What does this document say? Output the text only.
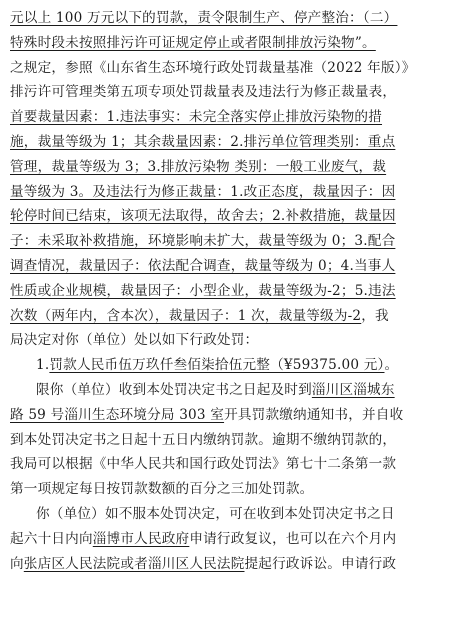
元以上 100 万元以下的罚款，责令限制生产、停产整治：（二）
特殊时段未按照排污许可证规定停止或者限制排放污染物”。
之规定，参照《山东省生态环境行政处罚裁量基准（2022 年版）》
排污许可管理类第五项专项处罚裁量表及违法行为修正裁量表，
首要裁量因素：1.违法事实：未完全落实停止排放污染物的措
施，裁量等级为 1；其余裁量因素：2.排污单位管理类别：重点
管理，裁量等级为 3；3.排放污染物 类别：一般工业废气，裁
量等级为 3。及违法行为修正裁量：1.改正态度，裁量因子：因
轮停时间已结束，该项无法取得，故舍去；2.补救措施，裁量因
子：未采取补救措施，环境影响未扩大，裁量等级为 0；3.配合
调查情况，裁量因子：依法配合调查，裁量等级为 0；4.当事人
性质或企业规模，裁量因子：小型企业，裁量等级为-2；5.违法
次数（两年内，含本次），裁量因子：1 次，裁量等级为-2，我
局决定对你（单位）处以如下行政处罚：
1.罚款人民币伍万玖仟叁佰柒拾伍元整（¥59375.00 元）。
限你（单位）收到本处罚决定书之日起及时到淄川区淄城东
路 59 号淄川生态环境分局 303 室开具罚款缴纳通知书，并自收
到本处罚决定书之日起十五日内缴纳罚款。逾期不缴纳罚款的，
我局可以根据《中华人民共和国行政处罚法》第七十二条第一款
第一项规定每日按罚款数额的百分之三加处罚款。
你（单位）如不服本处罚决定，可在收到本处罚决定书之日
起六十日内向淄博市人民政府申请行政复议，也可以在六个月内
向张店区人民法院或者淄川区人民法院提起行政诉讼。申请行政
